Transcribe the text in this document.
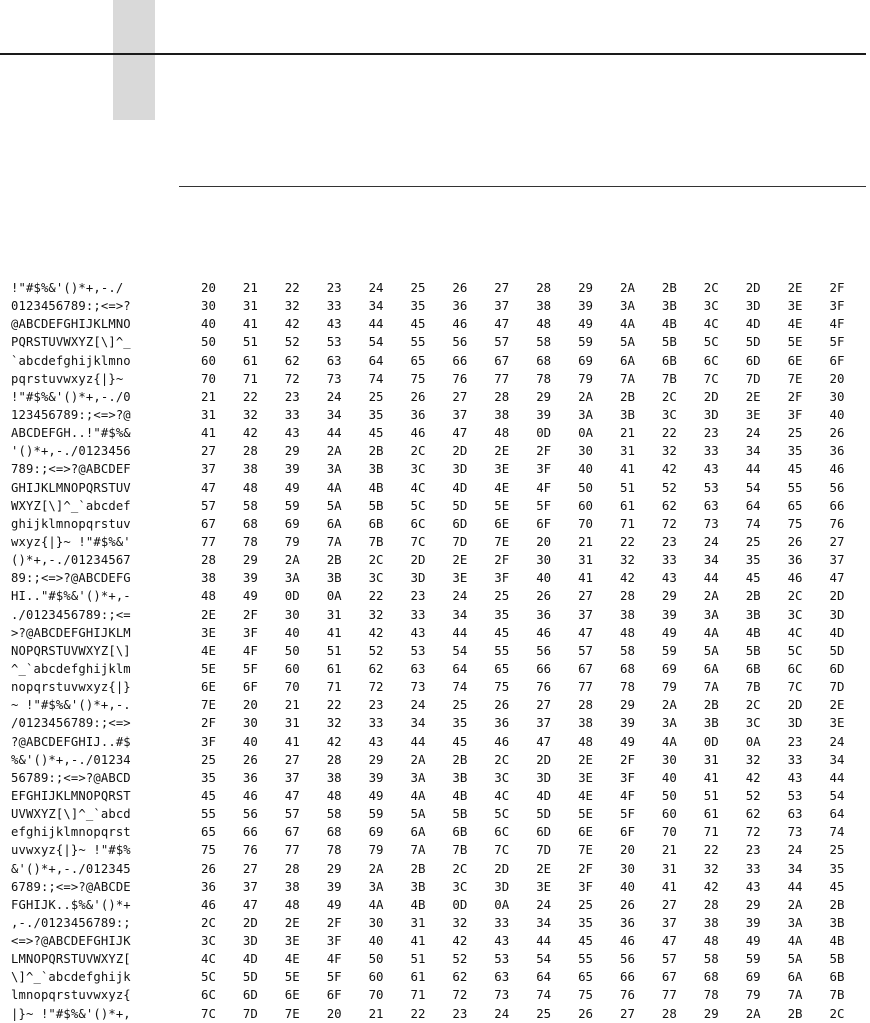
!"#$%&'()*+,-./	20	21	22	23	24	25	26	27	28	29	2A	2B	2C	2D	2E	2F
0123456789:;<=>?	30	31	32	33	34	35	36	37	38	39	3A	3B	3C	3D	3E	3F
@ABCDEFGHIJKLMNO	40	41	42	43	44	45	46	47	48	49	4A	4B	4C	4D	4E	4F
PQRSTUVWXYZ[\]^_	50	51	52	53	54	55	56	57	58	59	5A	5B	5C	5D	5E	5F
`abcdefghijklmno	60	61	62	63	64	65	66	67	68	69	6A	6B	6C	6D	6E	6F
pqrstuvwxyz{|}~	70	71	72	73	74	75	76	77	78	79	7A	7B	7C	7D	7E	20
!"#$%&'()*+,-./0	21	22	23	24	25	26	27	28	29	2A	2B	2C	2D	2E	2F	30
123456789:;<=>?@	31	32	33	34	35	36	37	38	39	3A	3B	3C	3D	3E	3F	40
ABCDEFGH..!"#$%&	41	42	43	44	45	46	47	48	0D	0A	21	22	23	24	25	26
'()*+,-./0123456	27	28	29	2A	2B	2C	2D	2E	2F	30	31	32	33	34	35	36
789:;<=>?@ABCDEF	37	38	39	3A	3B	3C	3D	3E	3F	40	41	42	43	44	45	46
GHIJKLMNOPQRSTUV	47	48	49	4A	4B	4C	4D	4E	4F	50	51	52	53	54	55	56
WXYZ[\]^_`abcdef	57	58	59	5A	5B	5C	5D	5E	5F	60	61	62	63	64	65	66
ghijklmnopqrstuv	67	68	69	6A	6B	6C	6D	6E	6F	70	71	72	73	74	75	76
wxyz{|}~ !"#$%&'	77	78	79	7A	7B	7C	7D	7E	20	21	22	23	24	25	26	27
()*+,-./01234567	28	29	2A	2B	2C	2D	2E	2F	30	31	32	33	34	35	36	37
89:;<=>?@ABCDEFG	38	39	3A	3B	3C	3D	3E	3F	40	41	42	43	44	45	46	47
HI.."#$%&'()*+,-	48	49	0D	0A	22	23	24	25	26	27	28	29	2A	2B	2C	2D
./0123456789:;<=	2E	2F	30	31	32	33	34	35	36	37	38	39	3A	3B	3C	3D
>?@ABCDEFGHIJKLM	3E	3F	40	41	42	43	44	45	46	47	48	49	4A	4B	4C	4D
NOPQRSTUVWXYZ[\]	4E	4F	50	51	52	53	54	55	56	57	58	59	5A	5B	5C	5D
^_`abcdefghijklm	5E	5F	60	61	62	63	64	65	66	67	68	69	6A	6B	6C	6D
nopqrstuvwxyz{|}	6E	6F	70	71	72	73	74	75	76	77	78	79	7A	7B	7C	7D
~ !"#$%&'()*+,-.	7E	20	21	22	23	24	25	26	27	28	29	2A	2B	2C	2D	2E
/0123456789:;<=>	2F	30	31	32	33	34	35	36	37	38	39	3A	3B	3C	3D	3E
?@ABCDEFGHIJ..#$	3F	40	41	42	43	44	45	46	47	48	49	4A	0D	0A	23	24
%&'()*+,-./01234	25	26	27	28	29	2A	2B	2C	2D	2E	2F	30	31	32	33	34
56789:;<=>?@ABCD	35	36	37	38	39	3A	3B	3C	3D	3E	3F	40	41	42	43	44
EFGHIJKLMNOPQRST	45	46	47	48	49	4A	4B	4C	4D	4E	4F	50	51	52	53	54
UVWXYZ[\]^_`abcd	55	56	57	58	59	5A	5B	5C	5D	5E	5F	60	61	62	63	64
efghijklmnopqrst	65	66	67	68	69	6A	6B	6C	6D	6E	6F	70	71	72	73	74
uvwxyz{|}~ !"#$%	75	76	77	78	79	7A	7B	7C	7D	7E	20	21	22	23	24	25
&'()*+,-./012345	26	27	28	29	2A	2B	2C	2D	2E	2F	30	31	32	33	34	35
6789:;<=>?@ABCDE	36	37	38	39	3A	3B	3C	3D	3E	3F	40	41	42	43	44	45
FGHIJK..$%&'()*+	46	47	48	49	4A	4B	0D	0A	24	25	26	27	28	29	2A	2B
,-./0123456789:;	2C	2D	2E	2F	30	31	32	33	34	35	36	37	38	39	3A	3B
<=>?@ABCDEFGHIJK	3C	3D	3E	3F	40	41	42	43	44	45	46	47	48	49	4A	4B
LMNOPQRSTUVWXYZ[	4C	4D	4E	4F	50	51	52	53	54	55	56	57	58	59	5A	5B
\]^_`abcdefghijk	5C	5D	5E	5F	60	61	62	63	64	65	66	67	68	69	6A	6B
lmnopqrstuvwxyz{	6C	6D	6E	6F	70	71	72	73	74	75	76	77	78	79	7A	7B
|}~ !"#$%&'()*+,	7C	7D	7E	20	21	22	23	24	25	26	27	28	29	2A	2B	2C
